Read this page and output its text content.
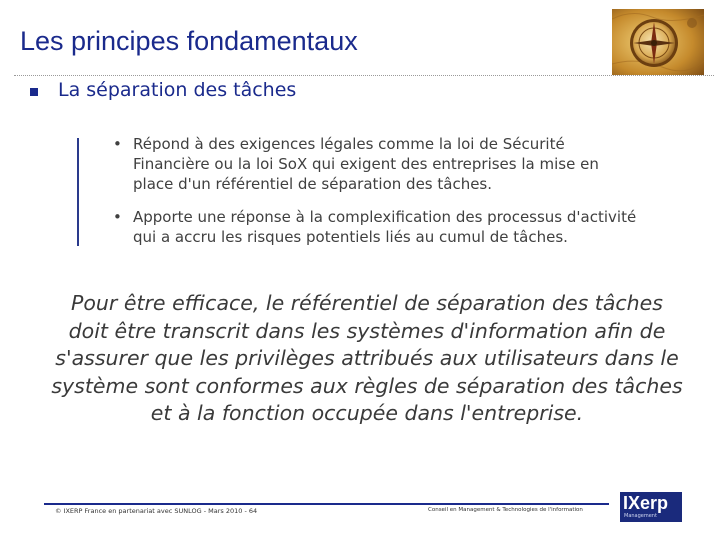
Les principes fondamentaux
La séparation des tâches
• Répond à des exigences légales comme la loi de Sécurité Financière ou la loi SoX qui exigent des entreprises la mise en place d'un référentiel de séparation des tâches.
• Apporte une réponse à la complexification des processus d'activité qui a accru les risques potentiels liés au cumul de tâches.
Pour être efficace, le référentiel de séparation des tâches doit être transcrit dans les systèmes d'information afin de s'assurer que les privilèges attribués aux utilisateurs dans le système sont conformes aux règles de séparation des tâches et à la fonction occupée dans l'entreprise.
© IXERP France en partenariat avec SUNLOG - Mars 2010 - 64	Conseil en Management & Technologies de l'information IXerp
Management
